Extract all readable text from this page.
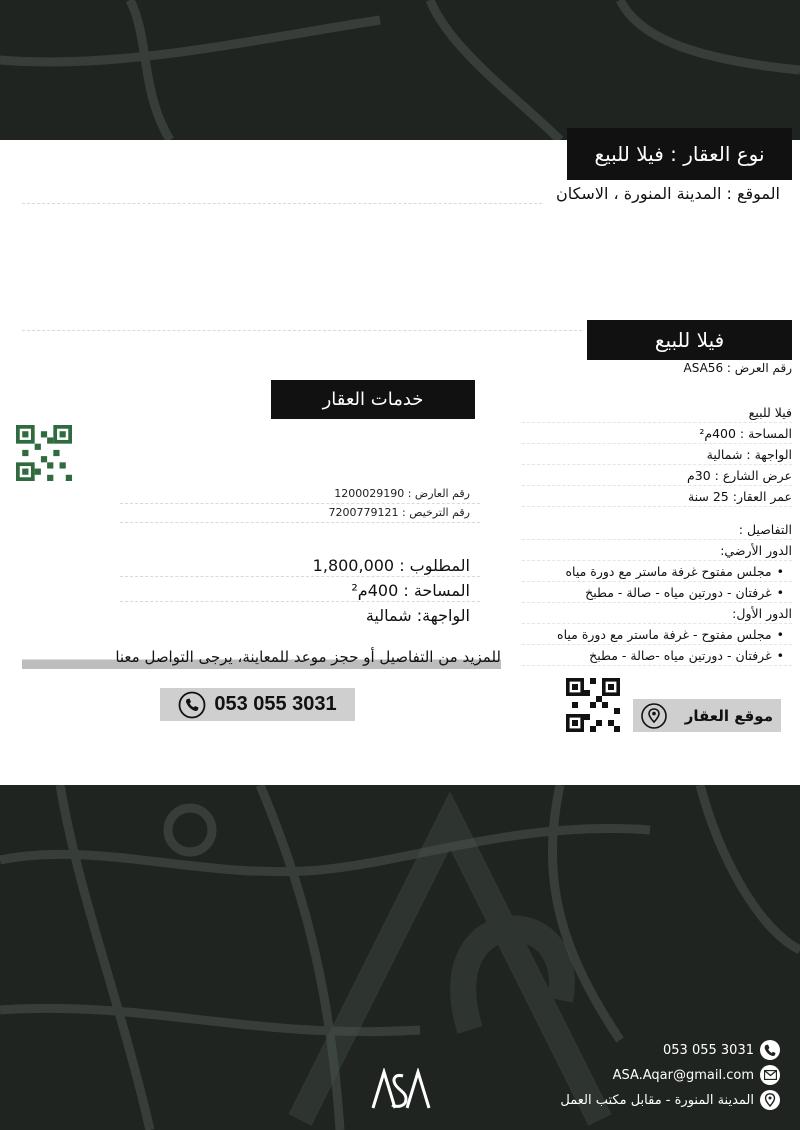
نوع العقار : فيلا للبيع
الموقع : المدينة المنورة ، الاسكان
فيلا للبيع
رقم العرض : ASA56
فيلا للبيع
المساحة : 400م²
الواجهة : شمالية
عرض الشارع : 30م
عمر العقار: 25 سنة
التفاصيل :
الدور الأرضي:
• مجلس مفتوح غرفة ماستر مع دورة مياه
• غرفتان - دورتين مياه - صالة - مطبخ
الدور الأول:
• مجلس مفتوح - غرفة ماستر مع دورة مياه
• غرفتان - دورتين مياه -صالة - مطبخ
موقع العقار
خدمات العقار
رقم العارض : 1200029190
رقم الترخيص : 7200779121
المطلوب : 1,800,000
المساحة : 400م²
الواجهة: شمالية
للمزيد من التفاصيل أو حجز موعد للمعاينة، يرجى التواصل معنا
053 055 3031
053 055 3031
ASA.Aqar@gmail.com
المدينة المنورة - مقابل مكتب العمل
